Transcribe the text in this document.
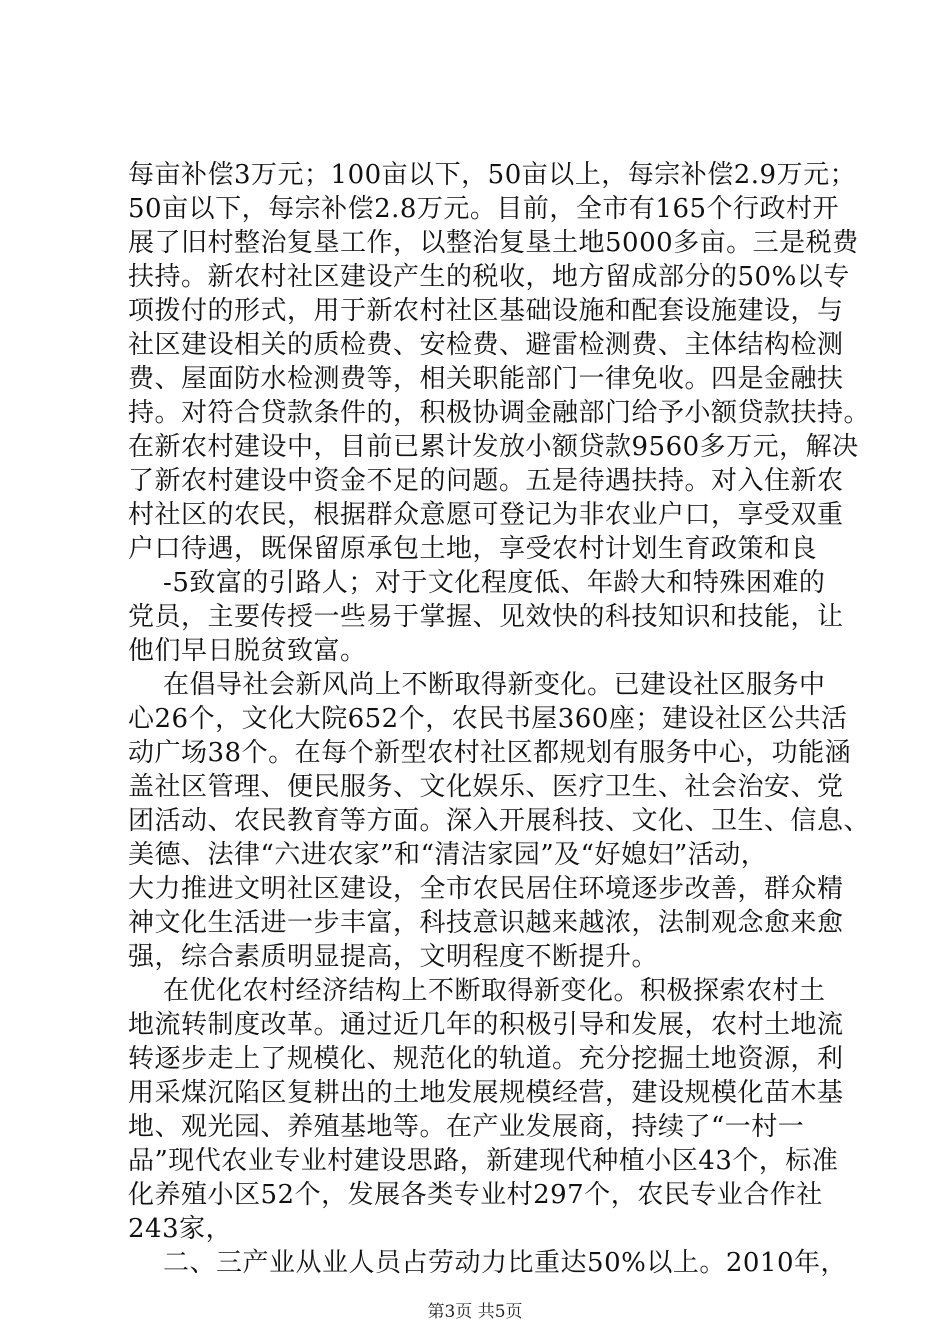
每亩补偿3万元；100亩以下，50亩以上，每宗补偿2.9万元；
50亩以下，每宗补偿2.8万元。目前，全市有165个行政村开
展了旧村整治复垦工作，以整治复垦土地5000多亩。三是税费
扶持。新农村社区建设产生的税收，地方留成部分的50%以专
项拨付的形式，用于新农村社区基础设施和配套设施建设，与
社区建设相关的质检费、安检费、避雷检测费、主体结构检测
费、屋面防水检测费等，相关职能部门一律免收。四是金融扶
持。对符合贷款条件的，积极协调金融部门给予小额贷款扶持。
在新农村建设中，目前已累计发放小额贷款9560多万元，解决
了新农村建设中资金不足的问题。五是待遇扶持。对入住新农
村社区的农民，根据群众意愿可登记为非农业户口，享受双重
户口待遇，既保留原承包土地，享受农村计划生育政策和良
-5致富的引路人；对于文化程度低、年龄大和特殊困难的
党员，主要传授一些易于掌握、见效快的科技知识和技能，让
他们早日脱贫致富。
在倡导社会新风尚上不断取得新变化。已建设社区服务中
心26个，文化大院652个，农民书屋360座；建设社区公共活
动广场38个。在每个新型农村社区都规划有服务中心，功能涵
盖社区管理、便民服务、文化娱乐、医疗卫生、社会治安、党
团活动、农民教育等方面。深入开展科技、文化、卫生、信息、
美德、法律“六进农家”和“清洁家园”及“好媳妇”活动，
大力推进文明社区建设，全市农民居住环境逐步改善，群众精
神文化生活进一步丰富，科技意识越来越浓，法制观念愈来愈
强，综合素质明显提高，文明程度不断提升。
在优化农村经济结构上不断取得新变化。积极探索农村土
地流转制度改革。通过近几年的积极引导和发展，农村土地流
转逐步走上了规模化、规范化的轨道。充分挖掘土地资源，利
用采煤沉陷区复耕出的土地发展规模经营，建设规模化苗木基
地、观光园、养殖基地等。在产业发展商，持续了“一村一
品”现代农业专业村建设思路，新建现代种植小区43个，标准
化养殖小区52个，发展各类专业村297个，农民专业合作社
243家，
二、三产业从业人员占劳动力比重达50%以上。2010年，
第3页 共5页
